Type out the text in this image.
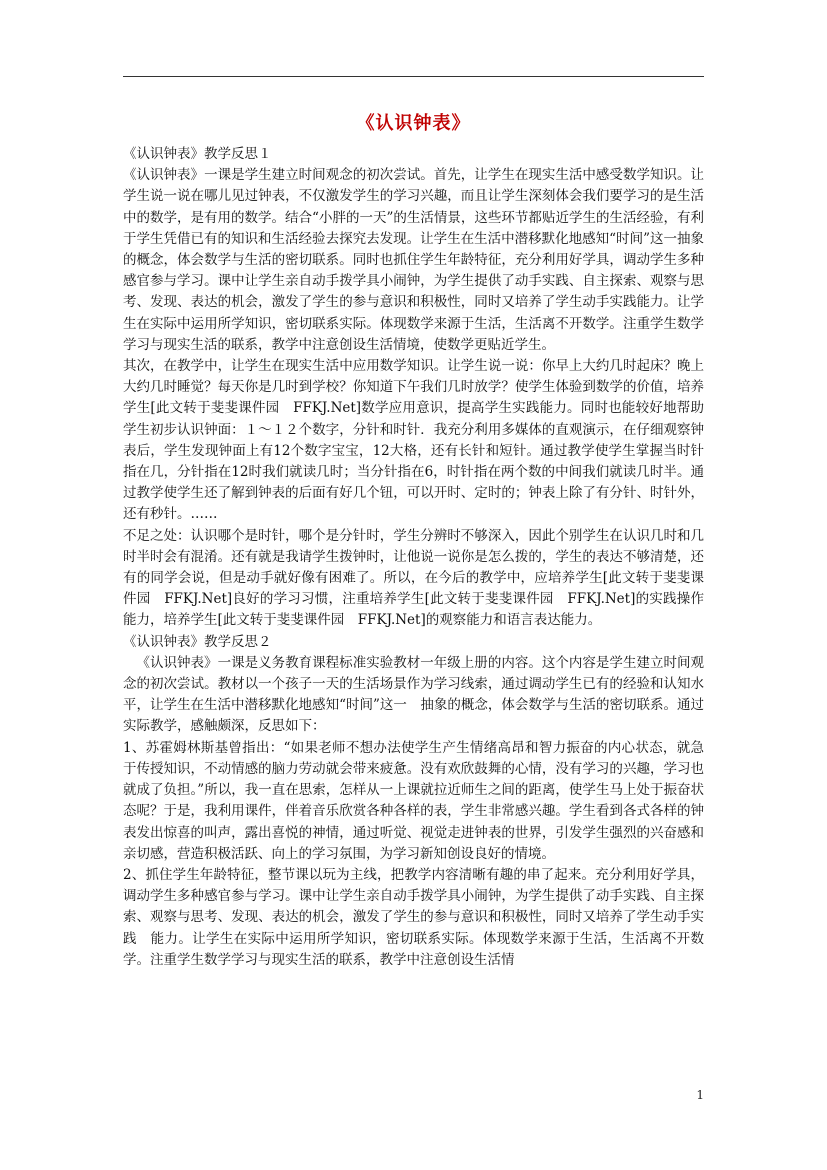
《认识钟表》

《认识钟表》教学反思１

《认识钟表》一课是学生建立时间观念的初次尝试。首先，让学生在现实生活中感受数学知识。让学生说一说在哪儿见过钟表，不仅激发学生的学习兴趣，而且让学生深刻体会我们要学习的是生活中的数学，是有用的数学。结合“小胖的一天”的生活情景，这些环节都贴近学生的生活经验，有利于学生凭借已有的知识和生活经验去探究去发现。让学生在生活中潜移默化地感知“时间”这一抽象的概念，体会数学与生活的密切联系。同时也抓住学生年龄特征，充分利用好学具，调动学生多种感官参与学习。课中让学生亲自动手拨学具小闹钟，为学生提供了动手实践、自主探索、观察与思考、发现、表达的机会，激发了学生的参与意识和积极性，同时又培养了学生动手实践能力。让学生在实际中运用所学知识，密切联系实际。体现数学来源于生活，生活离不开数学。注重学生数学学习与现实生活的联系，教学中注意创设生活情境，使数学更贴近学生。

其次，在教学中，让学生在现实生活中应用数学知识。让学生说一说：你早上大约几时起床？晚上大约几时睡觉？每天你是几时到学校？你知道下午我们几时放学？使学生体验到数学的价值，培养学生[此文转于斐斐课件园　FFKJ.Net]数学应用意识，提高学生实践能力。同时也能较好地帮助学生初步认识钟面：１～１２个数字，分针和时针．我充分利用多媒体的直观演示，在仔细观察钟表后，学生发现钟面上有12个数字宝宝，12大格，还有长针和短针。通过教学使学生掌握当时针指在几，分针指在12时我们就读几时；当分针指在6，时针指在两个数的中间我们就读几时半。通过教学使学生还了解到钟表的后面有好几个钮，可以开时、定时的；钟表上除了有分针、时针外，还有秒针。……

不足之处：认识哪个是时针，哪个是分针时，学生分辨时不够深入，因此个别学生在认识几时和几时半时会有混淆。还有就是我请学生拨钟时，让他说一说你是怎么拨的，学生的表达不够清楚，还有的同学会说，但是动手就好像有困难了。所以，在今后的教学中，应培养学生[此文转于斐斐课件园　FFKJ.Net]良好的学习习惯，注重培养学生[此文转于斐斐课件园　FFKJ.Net]的实践操作能力，培养学生[此文转于斐斐课件园　FFKJ.Net]的观察能力和语言表达能力。

《认识钟表》教学反思２

《认识钟表》一课是义务教育课程标准实验教材一年级上册的内容。这个内容是学生建立时间观念的初次尝试。教材以一个孩子一天的生活场景作为学习线索，通过调动学生已有的经验和认知水平，让学生在生活中潜移默化地感知“时间”这一　抽象的概念，体会数学与生活的密切联系。通过实际教学，感触颇深，反思如下：

1、苏霍姆林斯基曾指出：“如果老师不想办法使学生产生情绪高昂和智力振奋的内心状态，就急于传授知识，不动情感的脑力劳动就会带来疲惫。没有欢欣鼓舞的心情，没有学习的兴趣，学习也就成了负担。”所以，我一直在思索，怎样从一上课就拉近师生之间的距离，使学生马上处于振奋状态呢？于是，我利用课件，伴着音乐欣赏各种各样的表，学生非常感兴趣。学生看到各式各样的钟表发出惊喜的叫声，露出喜悦的神情，通过听觉、视觉走进钟表的世界，引发学生强烈的兴奋感和亲切感，营造积极活跃、向上的学习氛围，为学习新知创设良好的情境。

2、抓住学生年龄特征，整节课以玩为主线，把教学内容清晰有趣的串了起来。充分利用好学具，调动学生多种感官参与学习。课中让学生亲自动手拨学具小闹钟，为学生提供了动手实践、自主探索、观察与思考、发现、表达的机会，激发了学生的参与意识和积极性，同时又培养了学生动手实践　能力。让学生在实际中运用所学知识，密切联系实际。体现数学来源于生活，生活离不开数学。注重学生数学学习与现实生活的联系，教学中注意创设生活情

1
